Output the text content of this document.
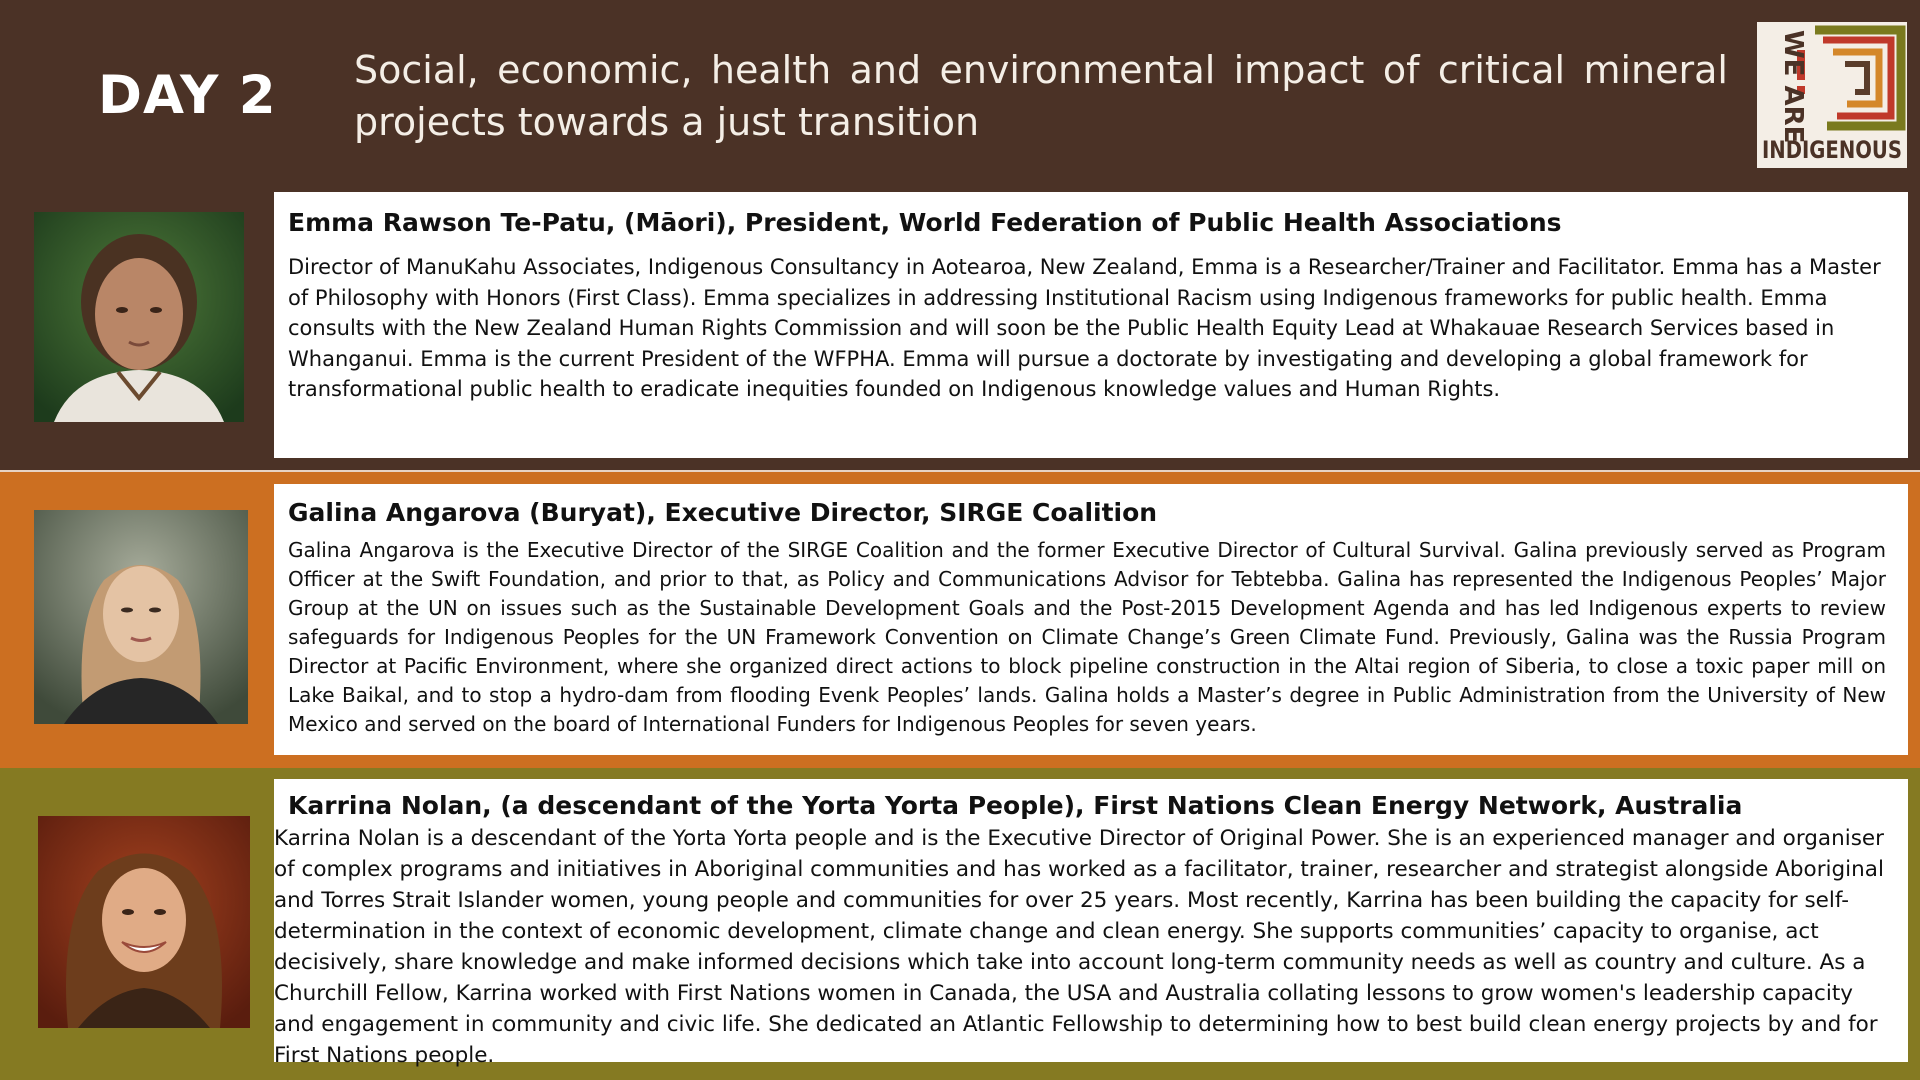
DAY 2 Social, economic, health and environmental impact of critical mineral projects towards a just transition	WE ARE
INDIGENOUS
Emma Rawson Te-Patu, (Māori), President, World Federation of Public Health Associations
Director of ManuKahu Associates, Indigenous Consultancy in Aotearoa, New Zealand, Emma is a Researcher/Trainer and Facilitator. Emma has a Master of Philosophy with Honors (First Class). Emma specializes in addressing Institutional Racism using Indigenous frameworks for public health. Emma consults with the New Zealand Human Rights Commission and will soon be the Public Health Equity Lead at Whakauae Research Services based in Whanganui. Emma is the current President of the WFPHA. Emma will pursue a doctorate by investigating and developing a global framework for transformational public health to eradicate inequities founded on Indigenous knowledge values and Human Rights.
Galina Angarova (Buryat), Executive Director, SIRGE Coalition
Galina Angarova is the Executive Director of the SIRGE Coalition and the former Executive Director of Cultural Survival. Galina previously served as Program Officer at the Swift Foundation, and prior to that, as Policy and Communications Advisor for Tebtebba. Galina has represented the Indigenous Peoples’ Major Group at the UN on issues such as the Sustainable Development Goals and the Post-2015 Development Agenda and has led Indigenous experts to review safeguards for Indigenous Peoples for the UN Framework Convention on Climate Change’s Green Climate Fund. Previously, Galina was the Russia Program Director at Pacific Environment, where she organized direct actions to block pipeline construction in the Altai region of Siberia, to close a toxic paper mill on Lake Baikal, and to stop a hydro-dam from flooding Evenk Peoples’ lands. Galina holds a Master’s degree in Public Administration from the University of New Mexico and served on the board of International Funders for Indigenous Peoples for seven years.
Karrina Nolan, (a descendant of the Yorta Yorta People), First Nations Clean Energy Network, Australia
Karrina Nolan is a descendant of the Yorta Yorta people and is the Executive Director of Original Power. She is an experienced manager and organiser of complex programs and initiatives in Aboriginal communities and has worked as a facilitator, trainer, researcher and strategist alongside Aboriginal and Torres Strait Islander women, young people and communities for over 25 years. Most recently, Karrina has been building the capacity for self-determination in the context of economic development, climate change and clean energy. She supports communities’ capacity to organise, act decisively, share knowledge and make informed decisions which take into account long-term community needs as well as country and culture. As a Churchill Fellow, Karrina worked with First Nations women in Canada, the USA and Australia collating lessons to grow women's leadership capacity and engagement in community and civic life. She dedicated an Atlantic Fellowship to determining how to best build clean energy projects by and for First Nations people.
